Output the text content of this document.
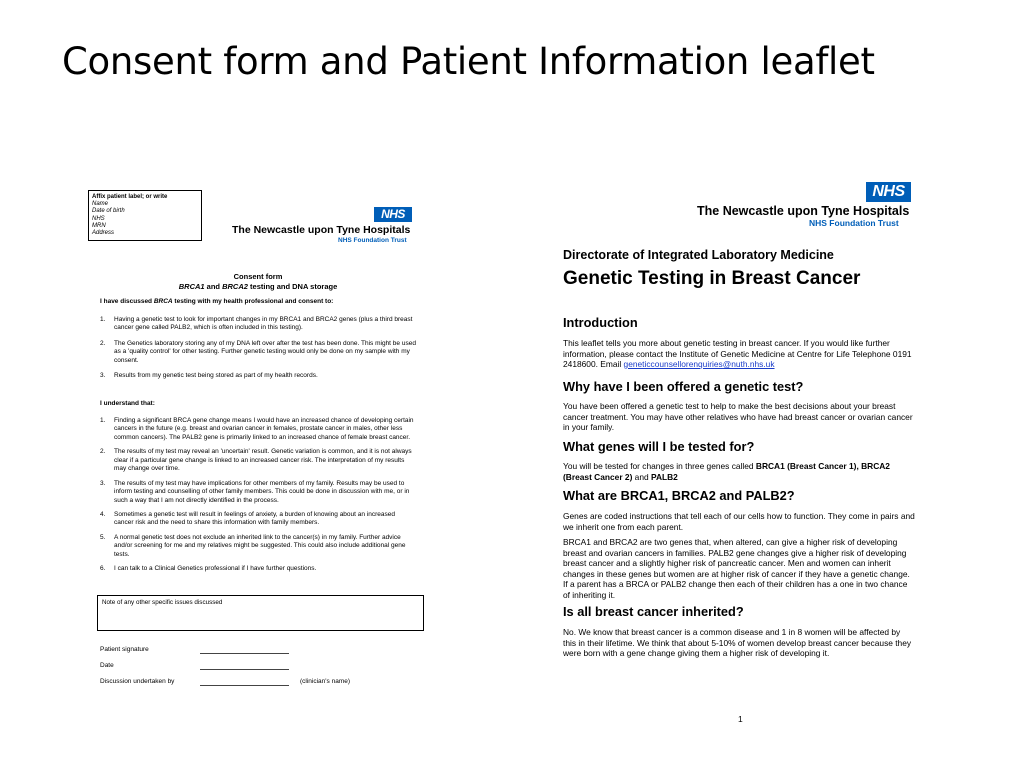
Consent form and Patient Information leaflet
Affix patient label; or write
Name
Date of birth
NHS
MRN
Address
NHS
The Newcastle upon Tyne Hospitals
NHS Foundation Trust
Consent form
BRCA1 and BRCA2 testing and DNA storage
I have discussed BRCA testing with my health professional and consent to:
1.	Having a genetic test to look for important changes in my BRCA1 and BRCA2 genes (plus a third breast cancer gene called PALB2, which is often included in this testing).
2.	The Genetics laboratory storing any of my DNA left over after the test has been done. This might be used as a 'quality control' for other testing. Further genetic testing would only be done on my sample with my consent.
3.	Results from my genetic test being stored as part of my health records.
I understand that:
1.	Finding a significant BRCA gene change means I would have an increased chance of developing certain cancers in the future (e.g. breast and ovarian cancer in females, prostate cancer in males, other less common cancers). The PALB2 gene is primarily linked to an increased chance of female breast cancer.
2.	The results of my test may reveal an 'uncertain' result. Genetic variation is common, and it is not always clear if a particular gene change is linked to an increased cancer risk. The interpretation of my results may change over time.
3.	The results of my test may have implications for other members of my family. Results may be used to inform testing and counselling of other family members. This could be done in discussion with me, or in such a way that I am not directly identified in the process.
4.	Sometimes a genetic test will result in feelings of anxiety, a burden of knowing about an increased cancer risk and the need to share this information with family members.
5.	A normal genetic test does not exclude an inherited link to the cancer(s) in my family. Further advice and/or screening for me and my relatives might be suggested. This could also include additional gene tests.
6.	I can talk to a Clinical Genetics professional if I have further questions.
Note of any other specific issues discussed
Patient signature
Date
Discussion undertaken by	(clinician's name)
NHS
The Newcastle upon Tyne Hospitals
NHS Foundation Trust
Directorate of Integrated Laboratory Medicine
Genetic Testing in Breast Cancer
Introduction
This leaflet tells you more about genetic testing in breast cancer. If you would like further information, please contact the Institute of Genetic Medicine at Centre for Life Telephone 0191 2418600. Email geneticcounsellorenquiries@nuth.nhs.uk
Why have I been offered a genetic test?
You have been offered a genetic test to help to make the best decisions about your breast cancer treatment. You may have other relatives who have had breast cancer or ovarian cancer in your family.
What genes will I be tested for?
You will be tested for changes in three genes called BRCA1 (Breast Cancer 1), BRCA2 (Breast Cancer 2) and PALB2
What are BRCA1, BRCA2 and PALB2?
Genes are coded instructions that tell each of our cells how to function. They come in pairs and we inherit one from each parent.
BRCA1 and BRCA2 are two genes that, when altered, can give a higher risk of developing breast and ovarian cancers in families. PALB2 gene changes give a higher risk of developing breast cancer and a slightly higher risk of pancreatic cancer. Men and women can inherit changes in these genes but women are at higher risk of cancer if they have a genetic change. If a parent has a BRCA or PALB2 change then each of their children has a one in two chance of inheriting it.
Is all breast cancer inherited?
No. We know that breast cancer is a common disease and 1 in 8 women will be affected by this in their lifetime. We think that about 5-10% of women develop breast cancer because they were born with a gene change giving them a higher risk of developing it.
1
